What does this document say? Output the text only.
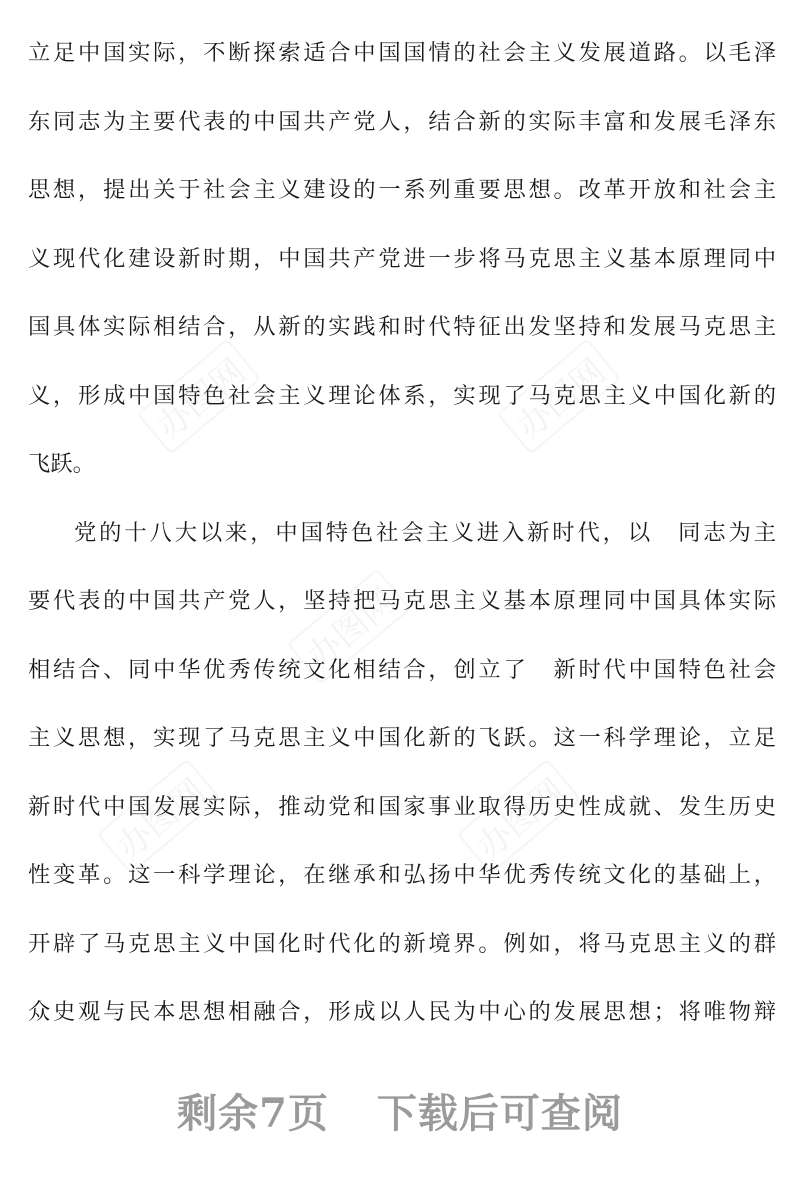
办图网	办图网
办图网
办图网	办图网
立足中国实际，不断探索适合中国国情的社会主义发展道路。以毛泽
东同志为主要代表的中国共产党人，结合新的实际丰富和发展毛泽东
思想，提出关于社会主义建设的一系列重要思想。改革开放和社会主
义现代化建设新时期，中国共产党进一步将马克思主义基本原理同中
国具体实际相结合，从新的实践和时代特征出发坚持和发展马克思主
义，形成中国特色社会主义理论体系，实现了马克思主义中国化新的
飞跃。
党的十八大以来，中国特色社会主义进入新时代，以　同志为主
要代表的中国共产党人，坚持把马克思主义基本原理同中国具体实际
相结合、同中华优秀传统文化相结合，创立了　新时代中国特色社会
主义思想，实现了马克思主义中国化新的飞跃。这一科学理论，立足
新时代中国发展实际，推动党和国家事业取得历史性成就、发生历史
性变革。这一科学理论，在继承和弘扬中华优秀传统文化的基础上，
开辟了马克思主义中国化时代化的新境界。例如，将马克思主义的群
众史观与民本思想相融合，形成以人民为中心的发展思想；将唯物辩
剩余7页 下载后可查阅
